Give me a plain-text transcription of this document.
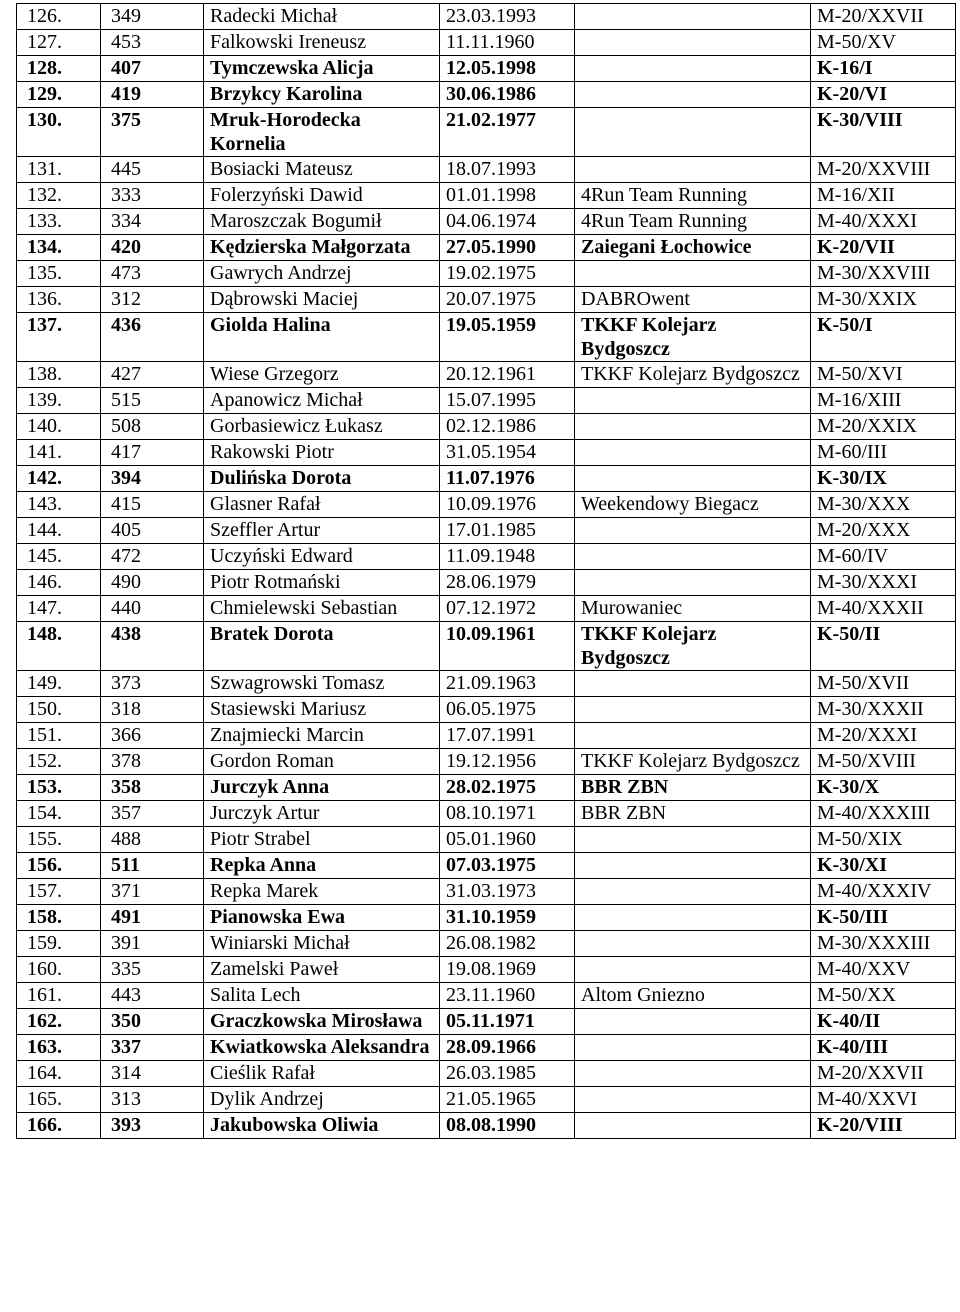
126.	349	Radecki Michał	23.03.1993		M-20/XXVII
127.	453	Falkowski Ireneusz	11.11.1960		M-50/XV
128.	407	Tymczewska Alicja	12.05.1998		K-16/I
129.	419	Brzykcy Karolina	30.06.1986		K-20/VI
130.	375	Mruk-Horodecka Kornelia	21.02.1977		K-30/VIII
131.	445	Bosiacki Mateusz	18.07.1993		M-20/XXVIII
132.	333	Folerzyński Dawid	01.01.1998	4Run Team Running	M-16/XII
133.	334	Maroszczak Bogumił	04.06.1974	4Run Team Running	M-40/XXXI
134.	420	Kędzierska Małgorzata	27.05.1990	Zaiegani Łochowice	K-20/VII
135.	473	Gawrych Andrzej	19.02.1975		M-30/XXVIII
136.	312	Dąbrowski Maciej	20.07.1975	DABROwent	M-30/XXIX
137.	436	Giolda Halina	19.05.1959	TKKF Kolejarz Bydgoszcz	K-50/I
138.	427	Wiese Grzegorz	20.12.1961	TKKF Kolejarz Bydgoszcz	M-50/XVI
139.	515	Apanowicz Michał	15.07.1995		M-16/XIII
140.	508	Gorbasiewicz Łukasz	02.12.1986		M-20/XXIX
141.	417	Rakowski Piotr	31.05.1954		M-60/III
142.	394	Dulińska Dorota	11.07.1976		K-30/IX
143.	415	Glasner Rafał	10.09.1976	Weekendowy Biegacz	M-30/XXX
144.	405	Szeffler Artur	17.01.1985		M-20/XXX
145.	472	Uczyński Edward	11.09.1948		M-60/IV
146.	490	Piotr Rotmański	28.06.1979		M-30/XXXI
147.	440	Chmielewski Sebastian	07.12.1972	Murowaniec	M-40/XXXII
148.	438	Bratek Dorota	10.09.1961	TKKF Kolejarz Bydgoszcz	K-50/II
149.	373	Szwagrowski Tomasz	21.09.1963		M-50/XVII
150.	318	Stasiewski Mariusz	06.05.1975		M-30/XXXII
151.	366	Znajmiecki Marcin	17.07.1991		M-20/XXXI
152.	378	Gordon Roman	19.12.1956	TKKF Kolejarz Bydgoszcz	M-50/XVIII
153.	358	Jurczyk Anna	28.02.1975	BBR ZBN	K-30/X
154.	357	Jurczyk Artur	08.10.1971	BBR ZBN	M-40/XXXIII
155.	488	Piotr Strabel	05.01.1960		M-50/XIX
156.	511	Repka Anna	07.03.1975		K-30/XI
157.	371	Repka Marek	31.03.1973		M-40/XXXIV
158.	491	Pianowska Ewa	31.10.1959		K-50/III
159.	391	Winiarski Michał	26.08.1982		M-30/XXXIII
160.	335	Zamelski Paweł	19.08.1969		M-40/XXV
161.	443	Salita Lech	23.11.1960	Altom Gniezno	M-50/XX
162.	350	Graczkowska Mirosława	05.11.1971		K-40/II
163.	337	Kwiatkowska Aleksandra	28.09.1966		K-40/III
164.	314	Cieślik Rafał	26.03.1985		M-20/XXVII
165.	313	Dylik Andrzej	21.05.1965		M-40/XXVI
166.	393	Jakubowska Oliwia	08.08.1990		K-20/VIII
